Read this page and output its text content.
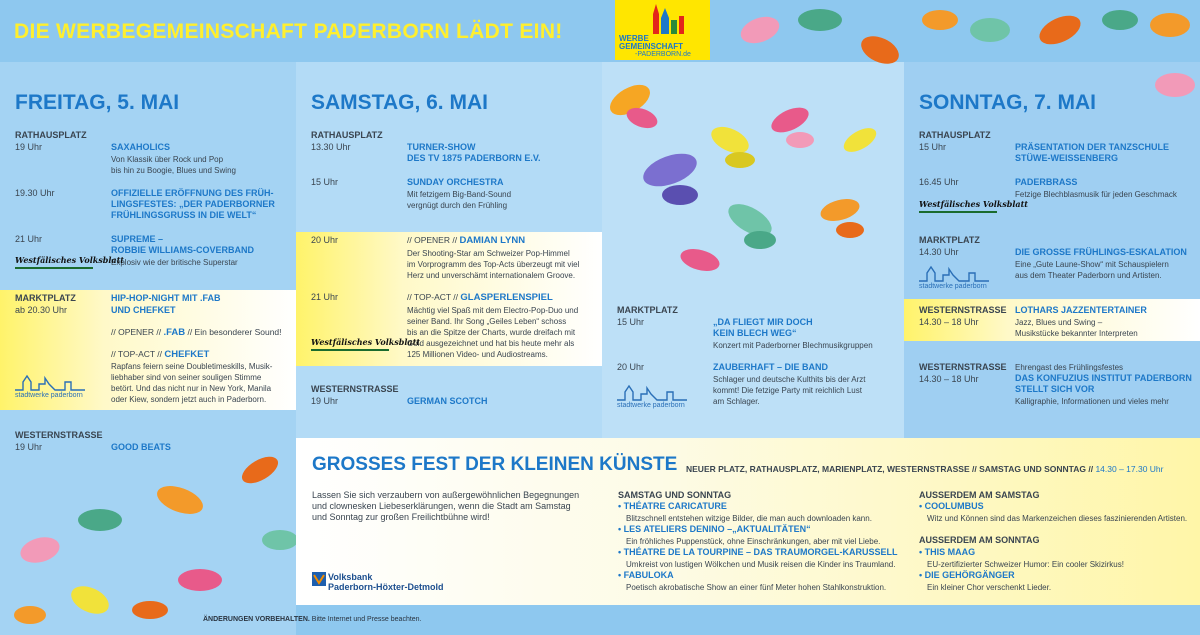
DIE WERBEGEMEINSCHAFT PADERBORN LÄDT EIN!	WERBE
GEMEINSCHAFT
-PADERBORN.de
FREITAG, 5. MAI
RATHAUSPLATZ
19 Uhr	SAXAHOLICS
Von Klassik über Rock und Pop
bis hin zu Boogie, Blues und Swing
19.30 Uhr	OFFIZIELLE ERÖFFNUNG DES FRÜH-
LINGSFESTES: „DER PADERBORNER
FRÜHLINGSGRUSS IN DIE WELT“
21 Uhr	SUPREME –
ROBBIE WILLIAMS-COVERBAND
Explosiv wie der britische Superstar
Westfälisches Volksblatt
MARKTPLATZ
ab 20.30 Uhr
HIP-HOP-NIGHT MIT .FAB
UND CHEFKET
// OPENER // .FAB // Ein besonderer Sound!
// TOP-ACT // CHEFKET
Rapfans feiern seine Doubletimeskills, Musik-
liebhaber sind von seiner souligen Stimme
betört. Und das nicht nur in New York, Manila
oder Kiew, sondern jetzt auch in Paderborn.
stadtwerke paderborn
WESTERNSTRASSE
19 Uhr	GOOD BEATS
SAMSTAG, 6. MAI
RATHAUSPLATZ
13.30 Uhr	TURNER-SHOW
DES TV 1875 PADERBORN E.V.
15 Uhr	SUNDAY ORCHESTRA
Mit fetzigem Big-Band-Sound
vergnügt durch den Frühling
20 Uhr	// OPENER // DAMIAN LYNN
Der Shooting-Star am Schweizer Pop-Himmel
im Vorprogramm des Top-Acts überzeugt mit viel
Herz und unverschämt internationalem Groove.
21 Uhr	// TOP-ACT // GLASPERLENSPIEL
Mächtig viel Spaß mit dem Electro-Pop-Duo und
seiner Band. Ihr Song „Geiles Leben“ schoss
bis an die Spitze der Charts, wurde dreifach mit
Gold ausgezeichnet und hat bis heute mehr als
125 Millionen Video- und Audiostreams.
Westfälisches Volksblatt
WESTERNSTRASSE
19 Uhr	GERMAN SCOTCH
MARKTPLATZ
15 Uhr	„DA FLIEGT MIR DOCH
KEIN BLECH WEG“
Konzert mit Paderborner Blechmusikgruppen
20 Uhr	ZAUBERHAFT – DIE BAND
Schlager und deutsche Kulthits bis der Arzt
kommt! Die fetzige Party mit reichlich Lust
am Schlager.
stadtwerke paderborn
SONNTAG, 7. MAI
RATHAUSPLATZ
15 Uhr	PRÄSENTATION DER TANZSCHULE
STÜWE-WEISSENBERG
16.45 Uhr	PADERBRASS
Fetzige Blechblasmusik für jeden Geschmack
Westfälisches Volksblatt
MARKTPLATZ
14.30 Uhr	DIE GROSSE FRÜHLINGS-ESKALATION
Eine „Gute Laune-Show“ mit Schauspielern
aus dem Theater Paderborn und Artisten.
stadtwerke paderborn
WESTERNSTRASSE
14.30 – 18 Uhr
LOTHARS JAZZENTERTAINER
Jazz, Blues und Swing –
Musikstücke bekannter Interpreten
WESTERNSTRASSE
14.30 – 18 Uhr
Ehrengast des Frühlingsfestes
DAS KONFUZIUS INSTITUT PADERBORN
STELLT SICH VOR
Kalligraphie, Informationen und vieles mehr
GROSSES FEST DER KLEINEN KÜNSTE NEUER PLATZ, RATHAUSPLATZ, MARIENPLATZ, WESTERNSTRASSE // SAMSTAG UND SONNTAG // 14.30 – 17.30 Uhr
Lassen Sie sich verzaubern von außergewöhnlichen Begegnungen
und clownesken Liebeserklärungen, wenn die Stadt am Samstag
und Sonntag zur großen Freilichtbühne wird!
Volksbank
Paderborn-Höxter-Detmold
SAMSTAG UND SONNTAG
• THÉATRE CARICATURE
Blitzschnell entstehen witzige Bilder, die man auch downloaden kann.
• LES ATELIERS DENINO –„AKTUALITÄTEN“
Ein fröhliches Puppenstück, ohne Einschränkungen, aber mit viel Liebe.
• THÉATRE DE LA TOURPINE – DAS TRAUMORGEL-KARUSSELL
Umkreist von lustigen Wölkchen und Musik reisen die Kinder ins Traumland.
• FABULOKA
Poetisch akrobatische Show an einer fünf Meter hohen Stahlkonstruktion.
AUSSERDEM AM SAMSTAG
• COOLUMBUS
Witz und Können sind das Markenzeichen dieses faszinierenden Artisten.
AUSSERDEM AM SONNTAG
• THIS MAAG
EU-zertifizierter Schweizer Humor: Ein cooler Skizirkus!
• DIE GEHÖRGÄNGER
Ein kleiner Chor verschenkt Lieder.
ÄNDERUNGEN VORBEHALTEN. Bitte Internet und Presse beachten.
